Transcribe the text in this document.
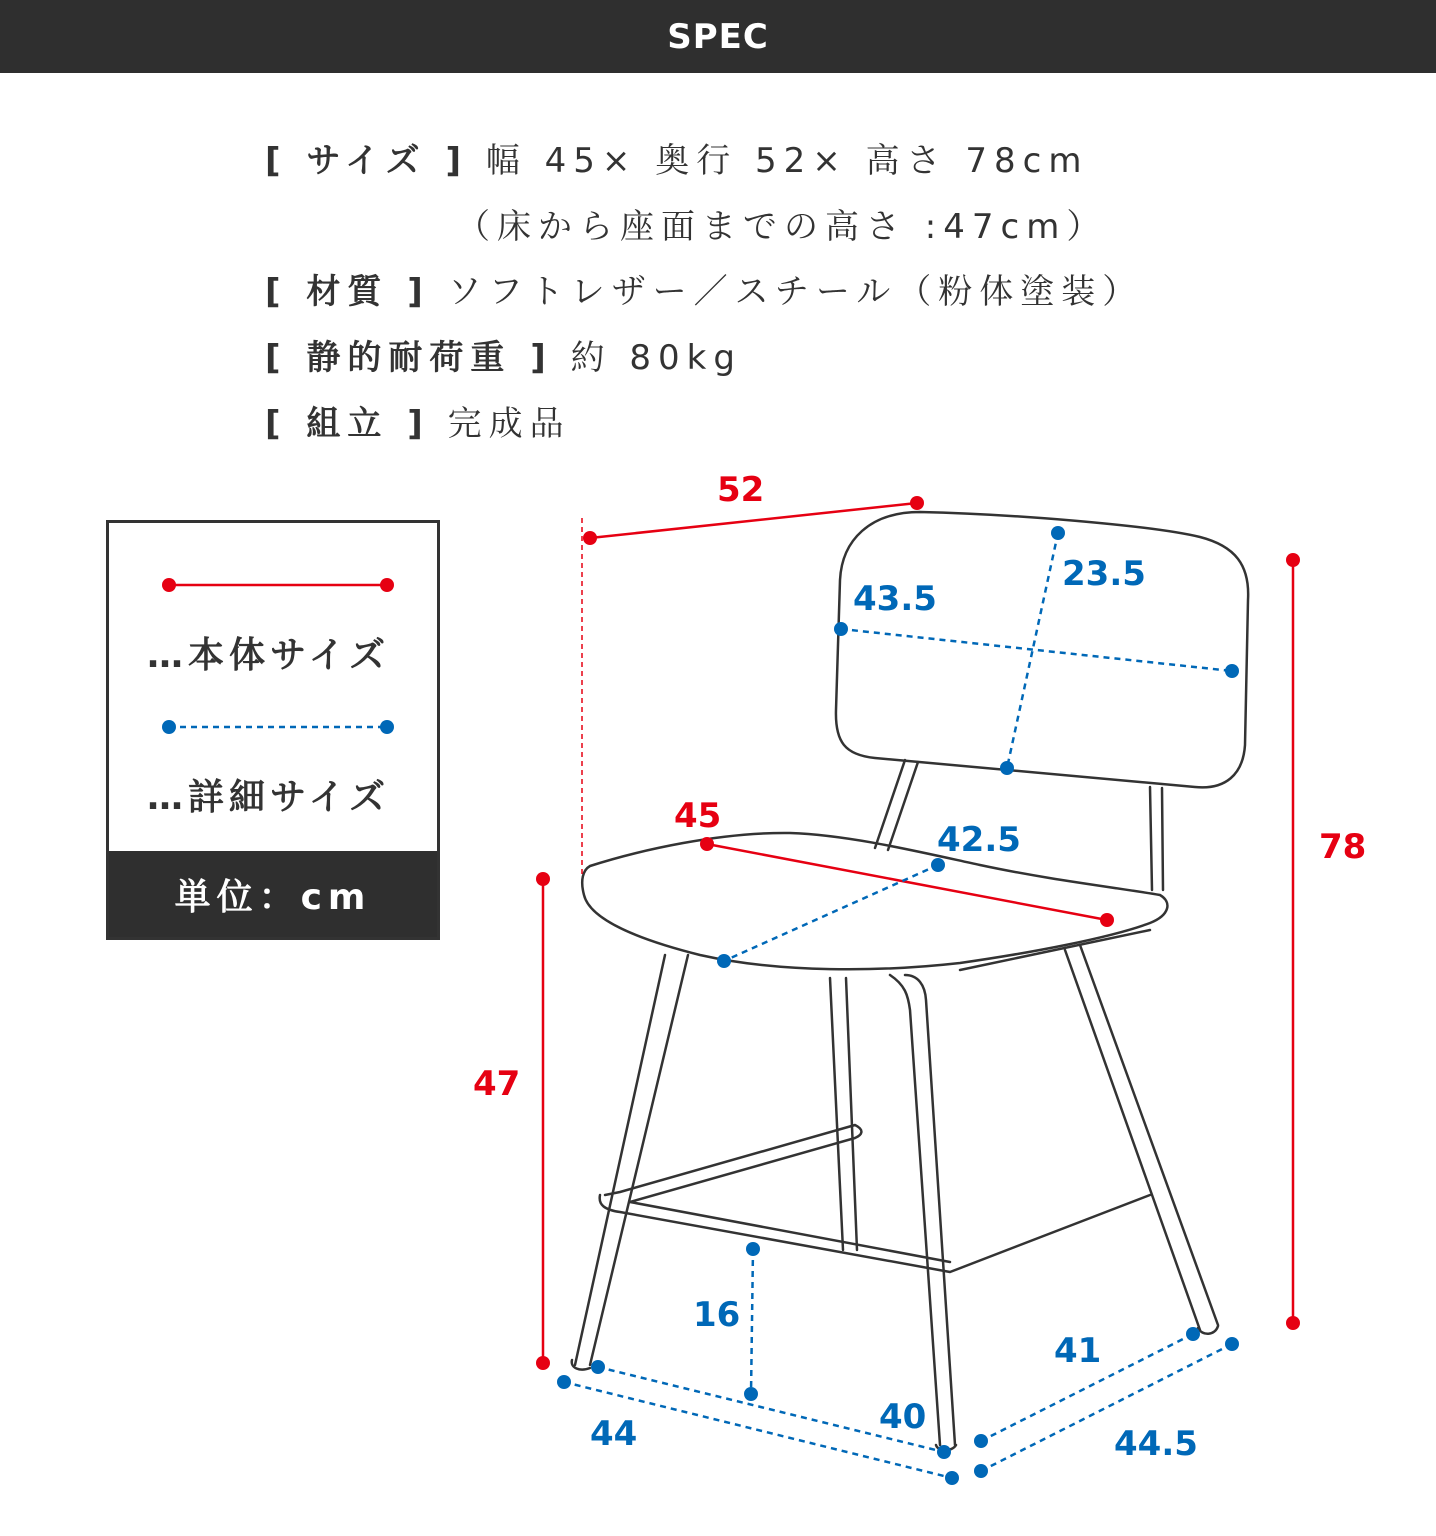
SPEC
[ サイズ ] 幅 45× 奥行 52× 高さ 78cm
（床から座面までの高さ :47cm）
[ 材質 ] ソフトレザー／スチール（粉体塗装）
[ 静的耐荷重 ] 約 80kg
[ 組立 ] 完成品
…本体サイズ
…詳細サイズ
単位：cm
52
78
47
45
43.5
23.5
42.5
16
44	40
41
44.5
